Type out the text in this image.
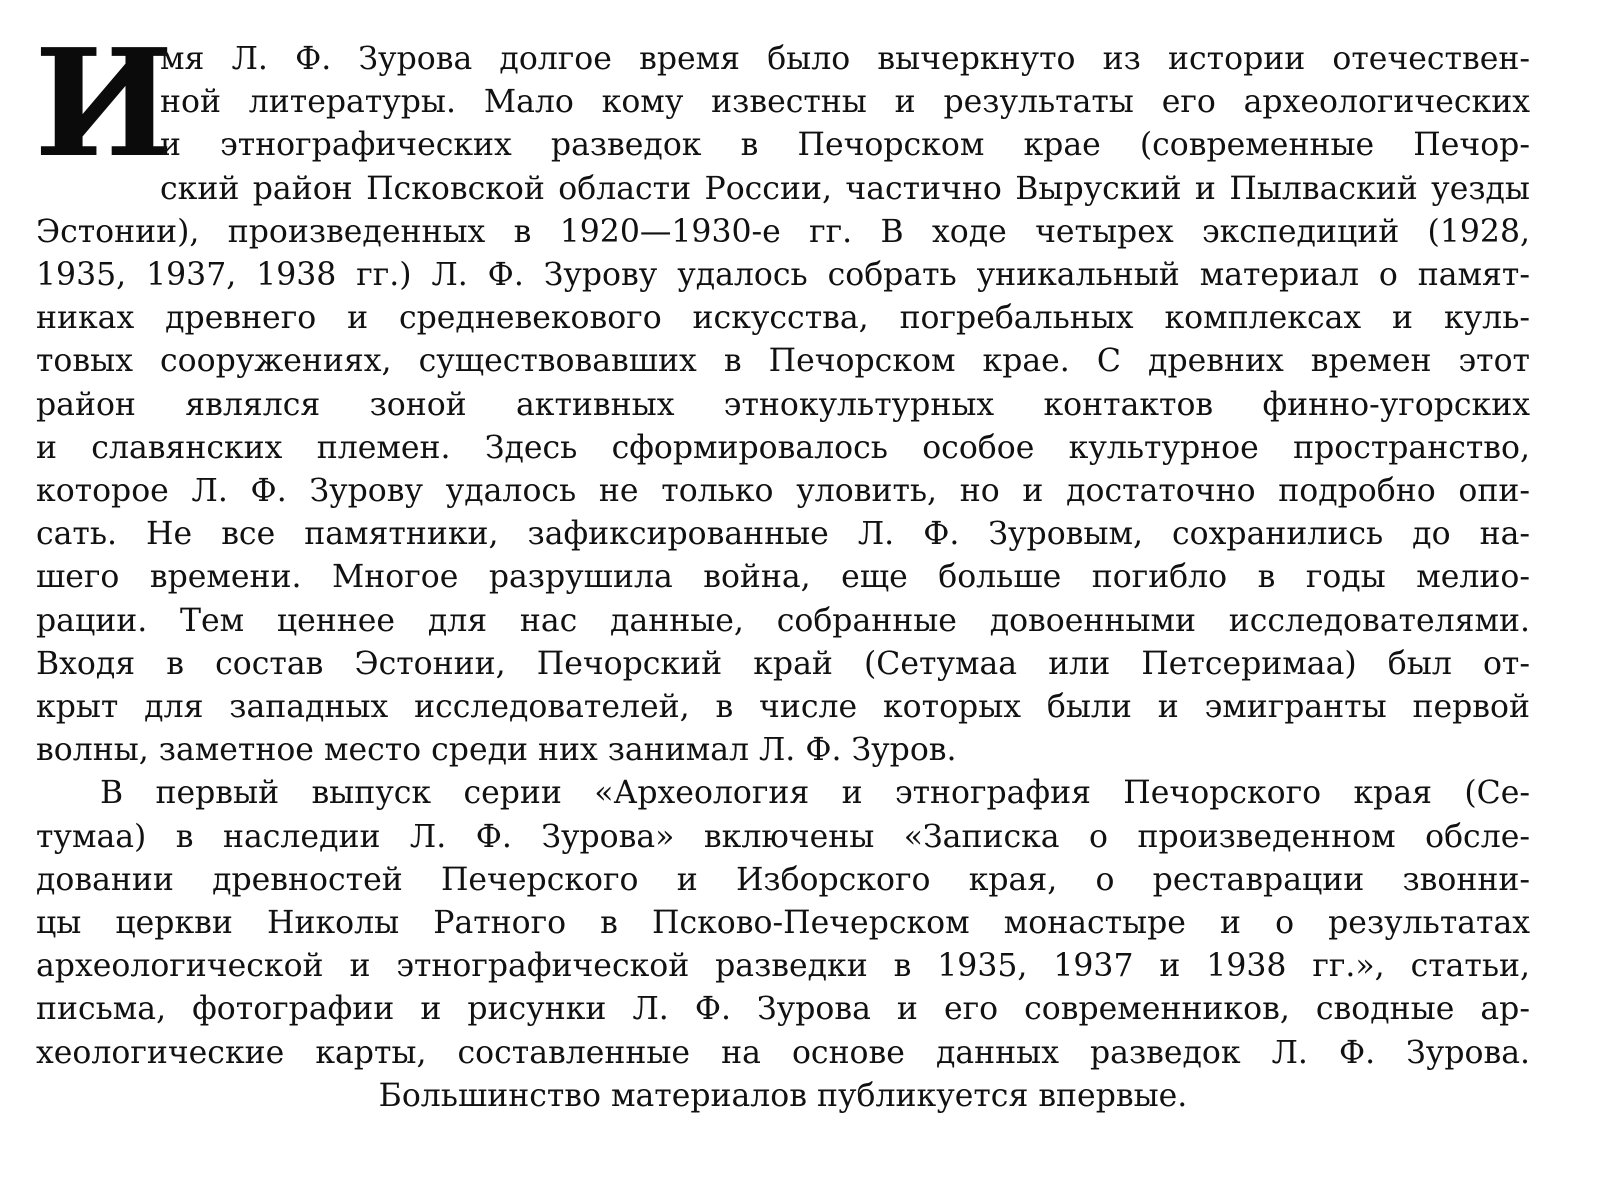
И
мя Л. Ф. Зурова долгое время было вычеркнуто из истории отечествен-
ной литературы. Мало кому известны и результаты его археологических
и этнографических разведок в Печорском крае (современные Печор-
ский район Псковской области России, частично Выруский и Пылваский уезды
Эстонии), произведенных в 1920—1930-е гг. В ходе четырех экспедиций (1928,
1935, 1937, 1938 гг.) Л. Ф. Зурову удалось собрать уникальный материал о памят-
никах древнего и средневекового искусства, погребальных комплексах и куль-
товых сооружениях, существовавших в Печорском крае. С древних времен этот
район являлся зоной активных этнокультурных контактов финно-угорских
и славянских племен. Здесь сформировалось особое культурное пространство,
которое Л. Ф. Зурову удалось не только уловить, но и достаточно подробно опи-
сать. Не все памятники, зафиксированные Л. Ф. Зуровым, сохранились до на-
шего времени. Многое разрушила война, еще больше погибло в годы мелио-
рации. Тем ценнее для нас данные, собранные довоенными исследователями.
Входя в состав Эстонии, Печорский край (Сетумаа или Петсеримаа) был от-
крыт для западных исследователей, в числе которых были и эмигранты первой
волны, заметное место среди них занимал Л. Ф. Зуров.
В первый выпуск серии «Археология и этнография Печорского края (Се-
тумаа) в наследии Л. Ф. Зурова» включены «Записка о произведенном обсле-
довании древностей Печерского и Изборского края, о реставрации звонни-
цы церкви Николы Ратного в Псково-Печерском монастыре и о результатах
археологической и этнографической разведки в 1935, 1937 и 1938 гг.», статьи,
письма, фотографии и рисунки Л. Ф. Зурова и его современников, сводные ар-
хеологические карты, составленные на основе данных разведок Л. Ф. Зурова.
Большинство материалов публикуется впервые.
